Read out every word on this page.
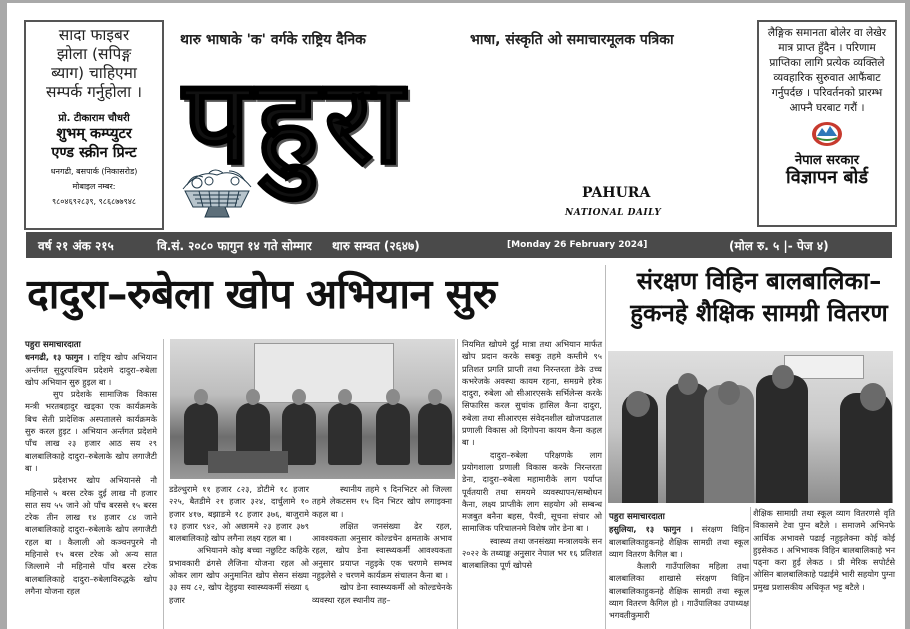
सादा फाइबर
झोला (सपिङ्ग
ब्याग) चाहिएमा
सम्पर्क गर्नुहोला ।
प्रो. टीकाराम चौधरी
शुभम् कम्प्युटर
एण्ड स्क्रीन प्रिन्ट
धनगढी, बसपार्क (निकासरोड)
मोबाइल नम्बर:
९८०४६९२८३९, ९८६८७७९४८
थारु भाषाके 'क' वर्गके राष्ट्रिय दैनिक	भाषा, संस्कृति ओ समाचारमूलक पत्रिका
पहुरा
PAHURA
NATIONAL DAILY
लैङ्गिक समानता बोलेर वा लेखेर मात्र प्राप्त हुँदैन । परिणाम प्राप्तिका लागि प्रत्येक व्यक्तिले व्यवहारिक सुरुवात आफैंबाट गर्नुपर्दछ । परिवर्तनको प्रारम्भ आफ्नै घरबाट गरौं ।
नेपाल सरकार
विज्ञापन बोर्ड
वर्ष २१ अंक २१५	वि.सं. २०८० फागुन १४ गते सोम्मार थारु सम्वत (२६४७)	[Monday 26 February 2024]	(मोल रु. ५ |- पेज ४)
दादुरा–रुबेला खोप अभियान सुरु	संरक्षण विहिन बालबालिका–हुकनहे शैक्षिक सामग्री वितरण

पहुरा समाचारदाता

धनगढी, १३ फागुन । राष्ट्रिय खोप अभियान अर्न्तगत सुदुरपश्चिम प्रदेशमे दादुरा–रुबेला खोप अभियान सुरु हुइल बा ।

सुप प्रदेशके सामाजिक विकास मन्त्री भरतबहादुर खड्का एक कार्यक्रमके बिच सेती प्रादेशिक अस्पतालसे कार्यक्रमके सुरु करल हुइट । अभियान अर्न्तगत प्रदेशमे पाँच लाख २३ हजार आठ सय २९ बालबालिकाहे दादुरा–रुबेलाके खोप लगाजैटी बा ।

प्रदेशभर खोप अभियानसे नौ महिनासे ५ बरस टरेक दुई लाख नौ हजार सात सय ५५ जाने ओ पाँच बरससे १५ बरस टरेक तीन लाख १४ हजार ८४ जाने बालबालिकाहे दादुरा–रुबेलाके खोप लगाजैटी रहल बा । कैलाली ओ कञ्चनपुरमे नौ महिनासे १५ बरस टरेक ओ अन्य सात जिल्लामे नौ महिनासे पाँच बरस टरेक बालबालिकाहे दादुरा–रुबेलाविरुद्धके खोप लगैना योजना रहल

डडेल्धुरामे ११ हजार ८२३, डोटीमे १८ हजार २२५, बैतडीमे २१ हजार ३२४, दार्चुलामे १० हजार ४१७, बझाङमे १८ हजार ३७६, बाजुरामे १३ हजार ९४२, ओ अछाममे २३ हजार ३७९ बालबालिकाहे खोप लगैना लक्ष्य रहल बा ।

अभियानमे कोइ बच्चा नछुटिट कहिके प्रभावकारी ढंगसे लैजिना योजना रहल ओ ओकर लाग खोप अनुमानित खोप सेसन संख्या ३३ सय ८२, खोप देहुइया स्वास्थ्यकर्मी संख्या ६ हजार

स्थानीय तहमे ९ दिनभिटर ओ जिल्ला तहमे लेकटसम १५ दिन भिटर खोप लगाइक्ना कहल बा ।

लक्षित जनसंख्या ढेर रहल, आवश्यकता अनुसार कोल्डचेन क्षमताके अभाव रहल, खोप डेना स्वास्थ्यकर्मी आवश्यकता अनुसार प्रयाप्त नहुइके एक चरणमे सम्भव नहुइलेसे २ चरणमे कार्यक्रम संचालन कैना बा ।

खोप डेना स्वास्थ्यकर्मी ओ कोल्डचेनके व्यवस्था रहल स्थानीय तह–

नियमित खोपमे दुई मात्रा तथा अभियान मार्फत खोप प्रदान करके सबकु तहमे कम्तीमे ९५ प्रतिशत प्रगति प्राप्ती तथा निरन्तरता डेके उच्च कभरेजके अवस्था कायम रहना, समग्रमे हरेक दादुरा, रुबेला ओ सीआरएसके सर्भिलेन्स करके सिफारिस करल सुचांक हासिल कैना दादुरा, रुबेला तथा सीआरएस संवेदनशील खोजपडताल प्रणाली विकास ओ दिगोपना कायम कैना कहल बा ।

दादुरा–रुबेला परिक्षणके लाग प्रयोगशाला प्रणाली विकास करके निरन्तरता डेना, दादुरा–रुबेला महामारीके लाग पर्याप्त पूर्वतयारी तथा समयमे व्यवस्थापन/सम्बोधन कैना, लक्ष्य प्राप्तीके लाग सहयोग ओ सम्बन्ध मजबुत बनैना बहस, पैरवी, सूचना संचार ओ सामाजिक परिचालनमे विशेष जोर डेना बा ।

स्वास्थ्य तथा जनसंख्या मन्त्रालयके सन २०२२ के तथ्याङ्क अनुसार नेपाल भर १६ प्रतिशत बालबालिका पूर्ण खोपसे

पहुरा समाचारदाता

हसुलिया, १३ फागुन । संरक्षण विहिन बालबालिकाहुकनहे शैक्षिक सामग्री तथा स्कूल व्याग वितरण कैगिल बा ।

कैलारी गाउँपालिका महिला तथा बालबालिका शाखासे संरक्षण विहिन बालबालिकाहुकनहे शैक्षिक सामग्री तथा स्कूल व्याग वितरण कैगिल हो । गाउँपालिका उपाध्यक्ष भगवतीकुमारी

शैक्षिक सामाग्री तथा स्कूल व्याग वितरणसे वृति विकासमे टेवा पुग्न बटैले । समाजमे अभिनफे आर्थिक अभावसे पढाई नहुइलेक्ना कोई कोई हुइसेकठ । अभिभावक विहिन बालबालिकाहे भन पढ्ना करा हुई लेकठ । प्री मेरिक सपोर्टसे ओसिन बालबालिकाहे पढाईमे भारी सहयोग पुग्ना प्रमुख प्रशासकीय अधिकृत भट्ट बटैले ।
